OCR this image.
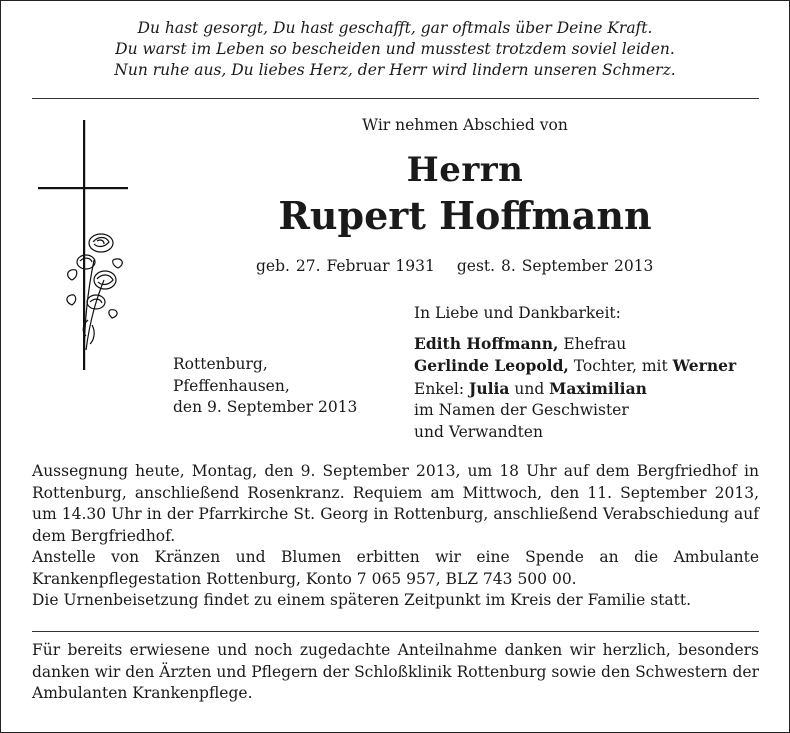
Du hast gesorgt, Du hast geschafft, gar oftmals über Deine Kraft.
Du warst im Leben so bescheiden und musstest trotzdem soviel leiden.
Nun ruhe aus, Du liebes Herz, der Herr wird lindern unseren Schmerz.
Wir nehmen Abschied von
Herrn
Rupert Hoffmann
geb. 27. Februar 1931 gest. 8. September 2013
Rottenburg,
Pfeffenhausen,
den 9. September 2013
In Liebe und Dankbarkeit:
Edith Hoffmann, Ehefrau
Gerlinde Leopold, Tochter, mit Werner
Enkel: Julia und Maximilian
im Namen der Geschwister
und Verwandten

Aussegnung heute, Montag, den 9. September 2013, um 18 Uhr auf dem Bergfriedhof in Rottenburg, anschließend Rosenkranz. Requiem am Mittwoch, den 11. September 2013, um 14.30 Uhr in der Pfarrkirche St. Georg in Rottenburg, anschließend Verabschiedung auf dem Bergfriedhof.

Anstelle von Kränzen und Blumen erbitten wir eine Spende an die Ambulante Krankenpflegestation Rottenburg, Konto 7 065 957, BLZ 743 500 00.

Die Urnenbeisetzung findet zu einem späteren Zeitpunkt im Kreis der Familie statt.

Für bereits erwiesene und noch zugedachte Anteilnahme danken wir herzlich, besonders danken wir den Ärzten und Pflegern der Schloßklinik Rottenburg sowie den Schwestern der Ambulanten Krankenpflege.
